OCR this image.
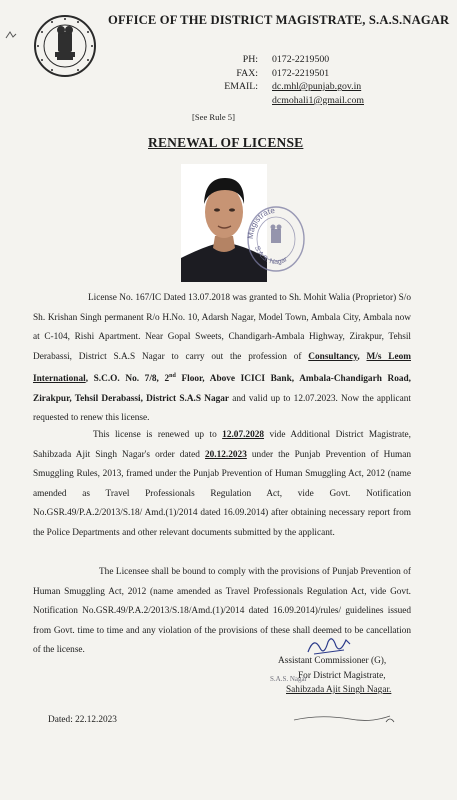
OFFICE OF THE DISTRICT MAGISTRATE, S.A.S.NAGAR
PH:
FAX:
EMAIL:
0172-2219500
0172-2219501
dc.mhl@punjab.gov.in
dcmohali1@gmail.com
[See Rule 5]
RENEWAL OF LICENSE
Magistrate
S.A.S. Nagar
License No. 167/IC Dated 13.07.2018 was granted to Sh. Mohit Walia (Proprietor) S/o Sh. Krishan Singh permanent R/o H.No. 10, Adarsh Nagar, Model Town, Ambala City, Ambala now at C-104, Rishi Apartment. Near Gopal Sweets, Chandigarh-Ambala Highway, Zirakpur, Tehsil Derabassi, District S.A.S Nagar to carry out the profession of Consultancy, M/s Leom International, S.C.O. No. 7/8, 2nd Floor, Above ICICI Bank, Ambala-Chandigarh Road, Zirakpur, Tehsil Derabassi, District S.A.S Nagar and valid up to 12.07.2023. Now the applicant requested to renew this license.
This license is renewed up to 12.07.2028 vide Additional District Magistrate, Sahibzada Ajit Singh Nagar's order dated 20.12.2023 under the Punjab Prevention of Human Smuggling Rules, 2013, framed under the Punjab Prevention of Human Smuggling Act, 2012 (name amended as Travel Professionals Regulation Act, vide Govt. Notification No.GSR.49/P.A.2/2013/S.18/ Amd.(1)/2014 dated 16.09.2014) after obtaining necessary report from the Police Departments and other relevant documents submitted by the applicant.
The Licensee shall be bound to comply with the provisions of Punjab Prevention of Human Smuggling Act, 2012 (name amended as Travel Professionals Regulation Act, vide Govt. Notification No.GSR.49/P.A.2/2013/S.18/Amd.(1)/2014 dated 16.09.2014)/rules/ guidelines issued from Govt. time to time and any violation of the provisions of these shall deemed to be cancellation of the license.
S.A.S. Nagar
Assistant Commissioner (G),
For District Magistrate,
Sahibzada Ajit Singh Nagar.
Dated: 22.12.2023
